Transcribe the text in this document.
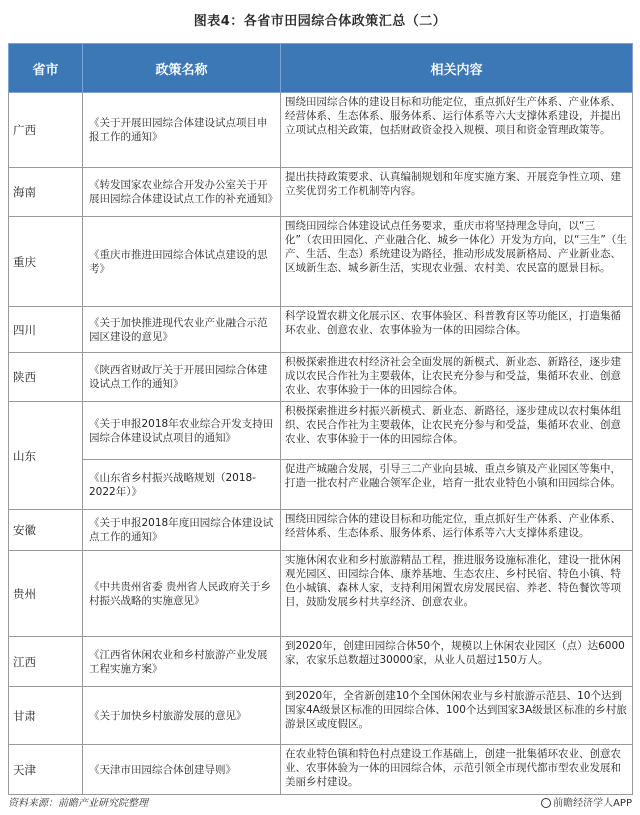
图表4：各省市田园综合体政策汇总（二）
省市	政策名称	相关内容
广西	《关于开展田园综合体建设试点项目申报工作的通知》	围绕田园综合体的建设目标和功能定位，重点抓好生产体系、产业体系、经营体系、生态体系、服务体系、运行体系等六大支撑体系建设，并提出立项试点相关政策，包括财政资金投入规模、项目和资金管理政策等。
海南	《转发国家农业综合开发办公室关于开展田园综合体建设试点工作的补充通知》	提出扶持政策要求、认真编制规划和年度实施方案、开展竞争性立项、建立奖优罚劣工作机制等内容。
重庆	《重庆市推进田园综合体试点建设的思考》	围绕田园综合体建设试点任务要求，重庆市将坚持理念导向，以“三化”（农田田园化、产业融合化、城乡一体化）开发为方向，以“三生”（生产、生活、生态）系统建设为路径，推动形成发展新格局、产业新业态、区域新生态、城乡新生活，实现农业强、农村美、农民富的愿景目标。
四川	《关于加快推进现代农业产业融合示范园区建设的意见》	科学设置农耕文化展示区、农事体验区、科普教育区等功能区，打造集循环农业、创意农业、农事体验为一体的田园综合体。
陕西	《陕西省财政厅关于开展田园综合体建设试点工作的通知》	积极探索推进农村经济社会全面发展的新模式、新业态、新路径，逐步建成以农民合作社为主要载体，让农民充分参与和受益，集循环农业、创意农业、农事体验于一体的田园综合体。
山东	《关于申报2018年农业综合开发支持田园综合体建设试点项目的通知》	积极探索推进乡村振兴新模式、新业态、新路径，逐步建成以农村集体组织、农民合作社为主要载体，让农民充分参与和受益，集循环农业、创意农业、农事体验于一体的田园综合体。
	《山东省乡村振兴战略规划（2018-2022年）》	促进产城融合发展，引导三二产业向县城、重点乡镇及产业园区等集中，打造一批农村产业融合领军企业，培育一批农业特色小镇和田园综合体。
安徽	《关于申报2018年度田园综合体建设试点工作的通知》	围绕田园综合体的建设目标和功能定位，重点抓好生产体系、产业体系、经营体系、生态体系、服务体系、运行体系等六大支撑体系建设。
贵州	《中共贵州省委 贵州省人民政府关于乡村振兴战略的实施意见》	实施休闲农业和乡村旅游精品工程，推进服务设施标准化，建设一批休闲观光园区、田园综合体、康养基地、生态农庄、乡村民宿、特色小镇、特色小城镇、森林人家，支持利用闲置农房发展民宿、养老、特色餐饮等项目，鼓励发展乡村共享经济、创意农业。
江西	《江西省休闲农业和乡村旅游产业发展工程实施方案》	到2020年，创建田园综合体50个，规模以上休闲农业园区（点）达6000家，农家乐总数超过30000家，从业人员超过150万人。
甘肃	《关于加快乡村旅游发展的意见》	到2020年，全省新创建10个全国休闲农业与乡村旅游示范县、10个达到国家4A级景区标准的田园综合体、100个达到国家3A级景区标准的乡村旅游景区或度假区。
天津	《天津市田园综合体创建导则》	在农业特色镇和特色村点建设工作基础上，创建一批集循环农业、创意农业、农事体验为一体的田园综合体，示范引领全市现代都市型农业发展和美丽乡村建设。
资料来源：前瞻产业研究院整理	前瞻经济学人APP
